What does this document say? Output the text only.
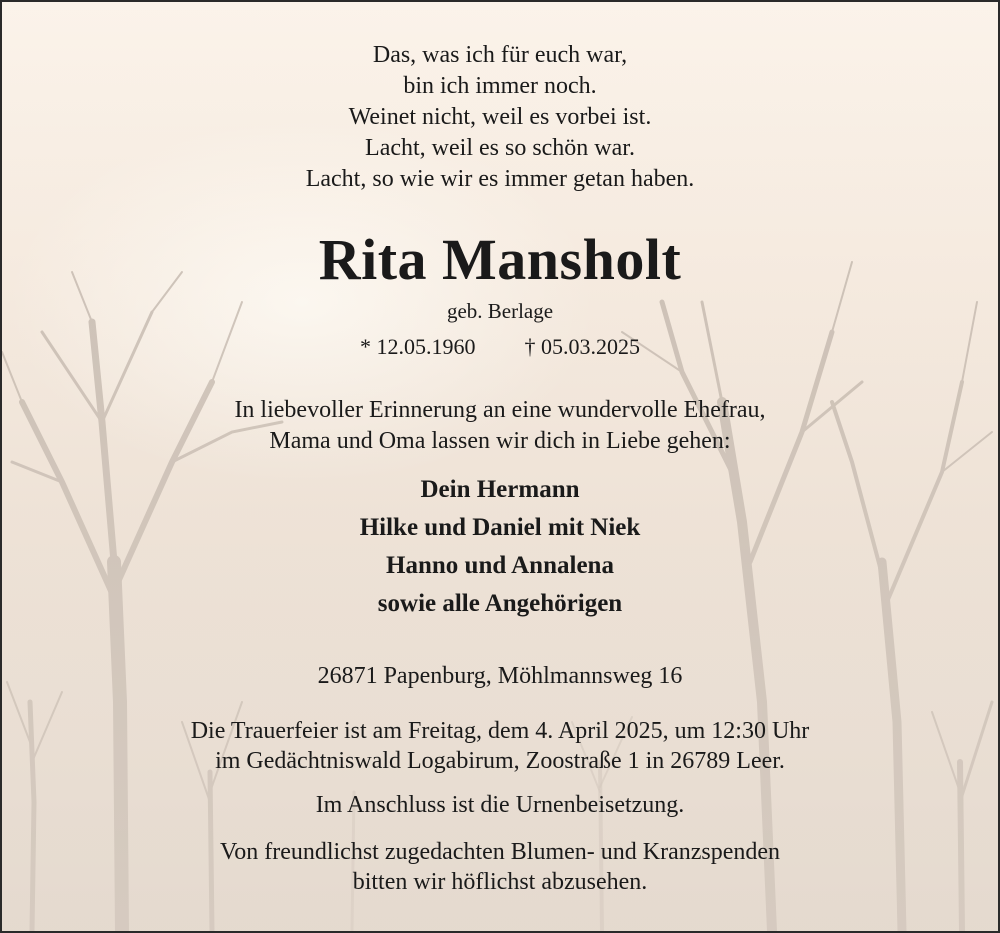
Das, was ich für euch war,
bin ich immer noch.
Weinet nicht, weil es vorbei ist.
Lacht, weil es so schön war.
Lacht, so wie wir es immer getan haben.
Rita Mansholt
geb. Berlage
* 12.05.1960 † 05.03.2025
In liebevoller Erinnerung an eine wundervolle Ehefrau,
Mama und Oma lassen wir dich in Liebe gehen:
Dein Hermann
Hilke und Daniel mit Niek
Hanno und Annalena
sowie alle Angehörigen
26871 Papenburg, Möhlmannsweg 16
Die Trauerfeier ist am Freitag, dem 4. April 2025, um 12:30 Uhr
im Gedächtniswald Logabirum, Zoostraße 1 in 26789 Leer.
Im Anschluss ist die Urnenbeisetzung.
Von freundlichst zugedachten Blumen- und Kranzspenden
bitten wir höflichst abzusehen.
